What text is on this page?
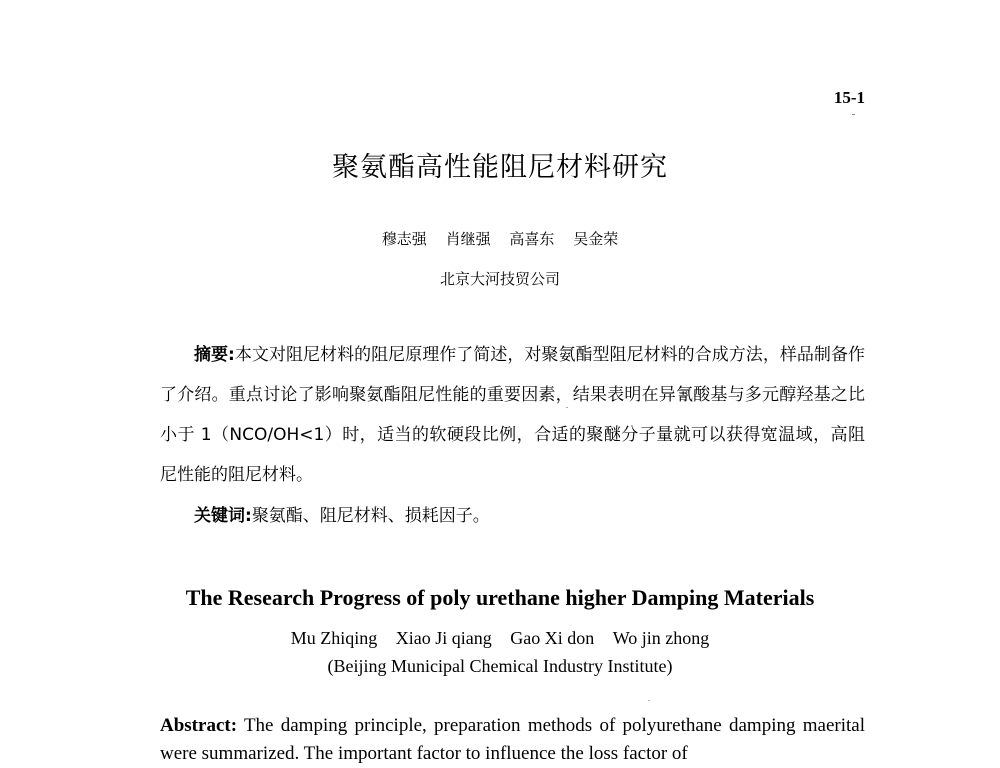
15-1
聚氨酯高性能阻尼材料研究
穆志强 肖继强 高喜东 吴金荣
北京大河技贸公司
摘要:本文对阻尼材料的阻尼原理作了简述，对聚氨酯型阻尼材料的合成方法，样品制备作了介绍。重点讨论了影响聚氨酯阻尼性能的重要因素，结果表明在异氰酸基与多元醇羟基之比小于 1（NCO/OH<1）时，适当的软硬段比例，合适的聚醚分子量就可以获得宽温域，高阻尼性能的阻尼材料。
关键词:聚氨酯、阻尼材料、损耗因子。
The Research Progress of poly urethane higher Damping Materials
Mu Zhiqing Xiao Ji qiang Gao Xi don Wo jin zhong
(Beijing Municipal Chemical Industry Institute)
Abstract: The damping principle, preparation methods of polyurethane damping maerital were summarized. The important factor to influence the loss factor of
